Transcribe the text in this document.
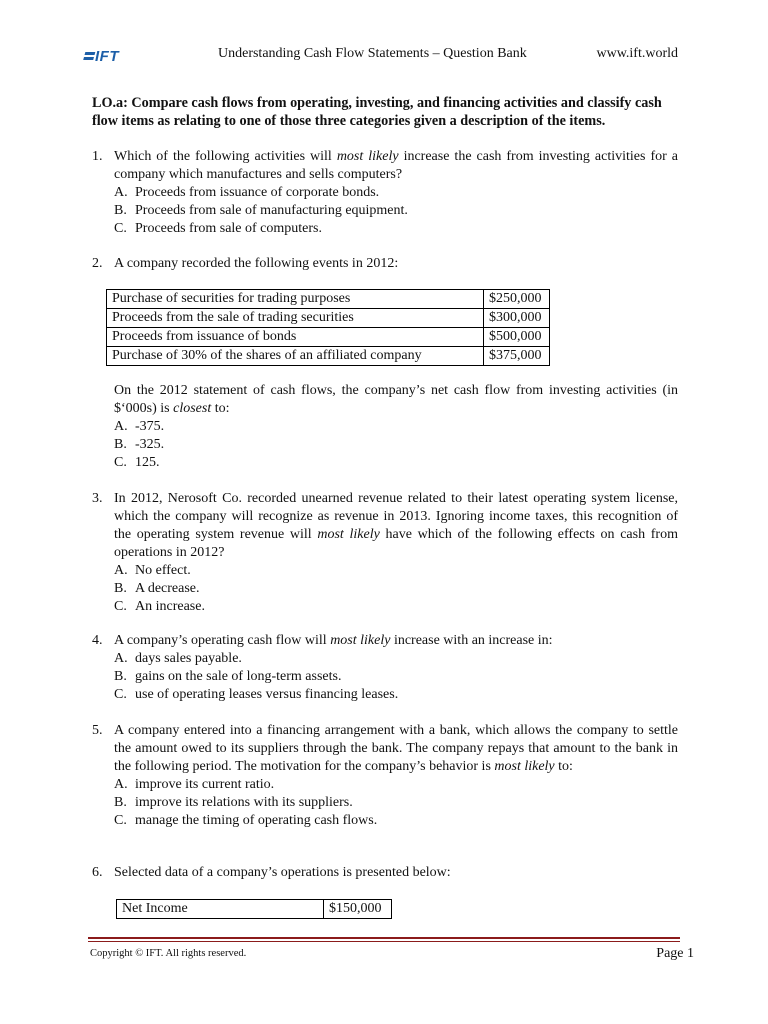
IFT	Understanding Cash Flow Statements – Question Bank	www.ift.world
LO.a: Compare cash flows from operating, investing, and financing activities and classify cash flow items as relating to one of those three categories given a description of the items.
1. Which of the following activities will most likely increase the cash from investing activities for a company which manufactures and sells computers?
A. Proceeds from issuance of corporate bonds.
B. Proceeds from sale of manufacturing equipment.
C. Proceeds from sale of computers.
2. A company recorded the following events in 2012:
Purchase of securities for trading purposes	$250,000
Proceeds from the sale of trading securities	$300,000
Proceeds from issuance of bonds	$500,000
Purchase of 30% of the shares of an affiliated company	$375,000
On the 2012 statement of cash flows, the company’s net cash flow from investing activities (in $‘000s) is closest to:
A. -375.
B. -325.
C. 125.
3. In 2012, Nerosoft Co. recorded unearned revenue related to their latest operating system license, which the company will recognize as revenue in 2013. Ignoring income taxes, this recognition of the operating system revenue will most likely have which of the following effects on cash from operations in 2012?
A. No effect.
B. A decrease.
C. An increase.
4. A company’s operating cash flow will most likely increase with an increase in:
A. days sales payable.
B. gains on the sale of long-term assets.
C. use of operating leases versus financing leases.
5. A company entered into a financing arrangement with a bank, which allows the company to settle the amount owed to its suppliers through the bank. The company repays that amount to the bank in the following period. The motivation for the company’s behavior is most likely to:
A. improve its current ratio.
B. improve its relations with its suppliers.
C. manage the timing of operating cash flows.
6. Selected data of a company’s operations is presented below:
Net Income	$150,000
Copyright © IFT. All rights reserved.	Page 1
